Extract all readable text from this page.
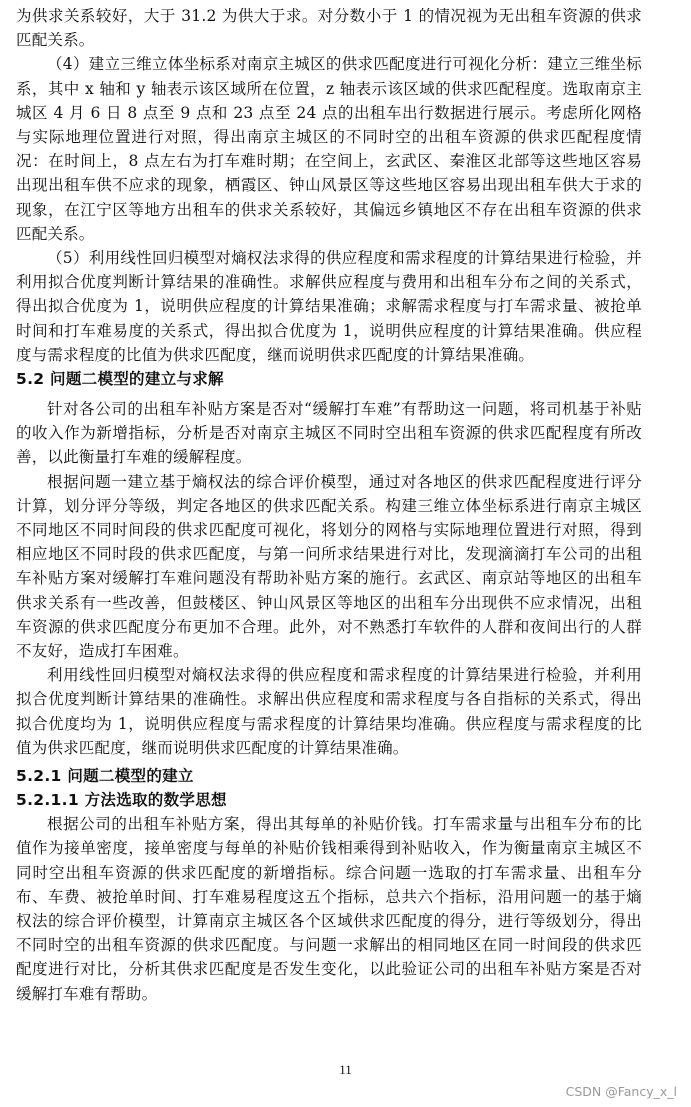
为供求关系较好，大于 31.2 为供大于求。对分数小于 1 的情况视为无出租车资源的供求匹配关系。

（4）建立三维立体坐标系对南京主城区的供求匹配度进行可视化分析：建立三维坐标系，其中 x 轴和 y 轴表示该区域所在位置，z 轴表示该区域的供求匹配程度。选取南京主城区 4 月 6 日 8 点至 9 点和 23 点至 24 点的出租车出行数据进行展示。考虑所化网格与实际地理位置进行对照，得出南京主城区的不同时空的出租车资源的供求匹配程度情况：在时间上，8 点左右为打车难时期；在空间上，玄武区、秦淮区北部等这些地区容易出现出租车供不应求的现象，栖霞区、钟山风景区等这些地区容易出现出租车供大于求的现象，在江宁区等地方出租车的供求关系较好，其偏远乡镇地区不存在出租车资源的供求匹配关系。

（5）利用线性回归模型对熵权法求得的供应程度和需求程度的计算结果进行检验，并利用拟合优度判断计算结果的准确性。求解供应程度与费用和出租车分布之间的关系式，得出拟合优度为 1，说明供应程度的计算结果准确；求解需求程度与打车需求量、被抢单时间和打车难易度的关系式，得出拟合优度为 1，说明供应程度的计算结果准确。供应程度与需求程度的比值为供求匹配度，继而说明供求匹配度的计算结果准确。

5.2 问题二模型的建立与求解

针对各公司的出租车补贴方案是否对“缓解打车难”有帮助这一问题，将司机基于补贴的收入作为新增指标，分析是否对南京主城区不同时空出租车资源的供求匹配程度有所改善，以此衡量打车难的缓解程度。

根据问题一建立基于熵权法的综合评价模型，通过对各地区的供求匹配程度进行评分计算，划分评分等级，判定各地区的供求匹配关系。构建三维立体坐标系进行南京主城区不同地区不同时间段的供求匹配度可视化，将划分的网格与实际地理位置进行对照，得到相应地区不同时段的供求匹配度，与第一问所求结果进行对比，发现滴滴打车公司的出租车补贴方案对缓解打车难问题没有帮助补贴方案的施行。玄武区、南京站等地区的出租车供求关系有一些改善，但鼓楼区、钟山风景区等地区的出租车分出现供不应求情况，出租车资源的供求匹配度分布更加不合理。此外，对不熟悉打车软件的人群和夜间出行的人群不友好，造成打车困难。

利用线性回归模型对熵权法求得的供应程度和需求程度的计算结果进行检验，并利用拟合优度判断计算结果的准确性。求解出供应程度和需求程度与各自指标的关系式，得出拟合优度均为 1，说明供应程度与需求程度的计算结果均准确。供应程度与需求程度的比值为供求匹配度，继而说明供求匹配度的计算结果准确。

5.2.1 问题二模型的建立
5.2.1.1 方法选取的数学思想

根据公司的出租车补贴方案，得出其每单的补贴价钱。打车需求量与出租车分布的比值作为接单密度，接单密度与每单的补贴价钱相乘得到补贴收入，作为衡量南京主城区不同时空出租车资源的供求匹配度的新增指标。综合问题一选取的打车需求量、出租车分布、车费、被抢单时间、打车难易程度这五个指标，总共六个指标，沿用问题一的基于熵权法的综合评价模型，计算南京主城区各个区域供求匹配度的得分，进行等级划分，得出不同时空的出租车资源的供求匹配度。与问题一求解出的相同地区在同一时间段的供求匹配度进行对比，分析其供求匹配度是否发生变化，以此验证公司的出租车补贴方案是否对缓解打车难有帮助。

11
CSDN @Fancy_x_l
